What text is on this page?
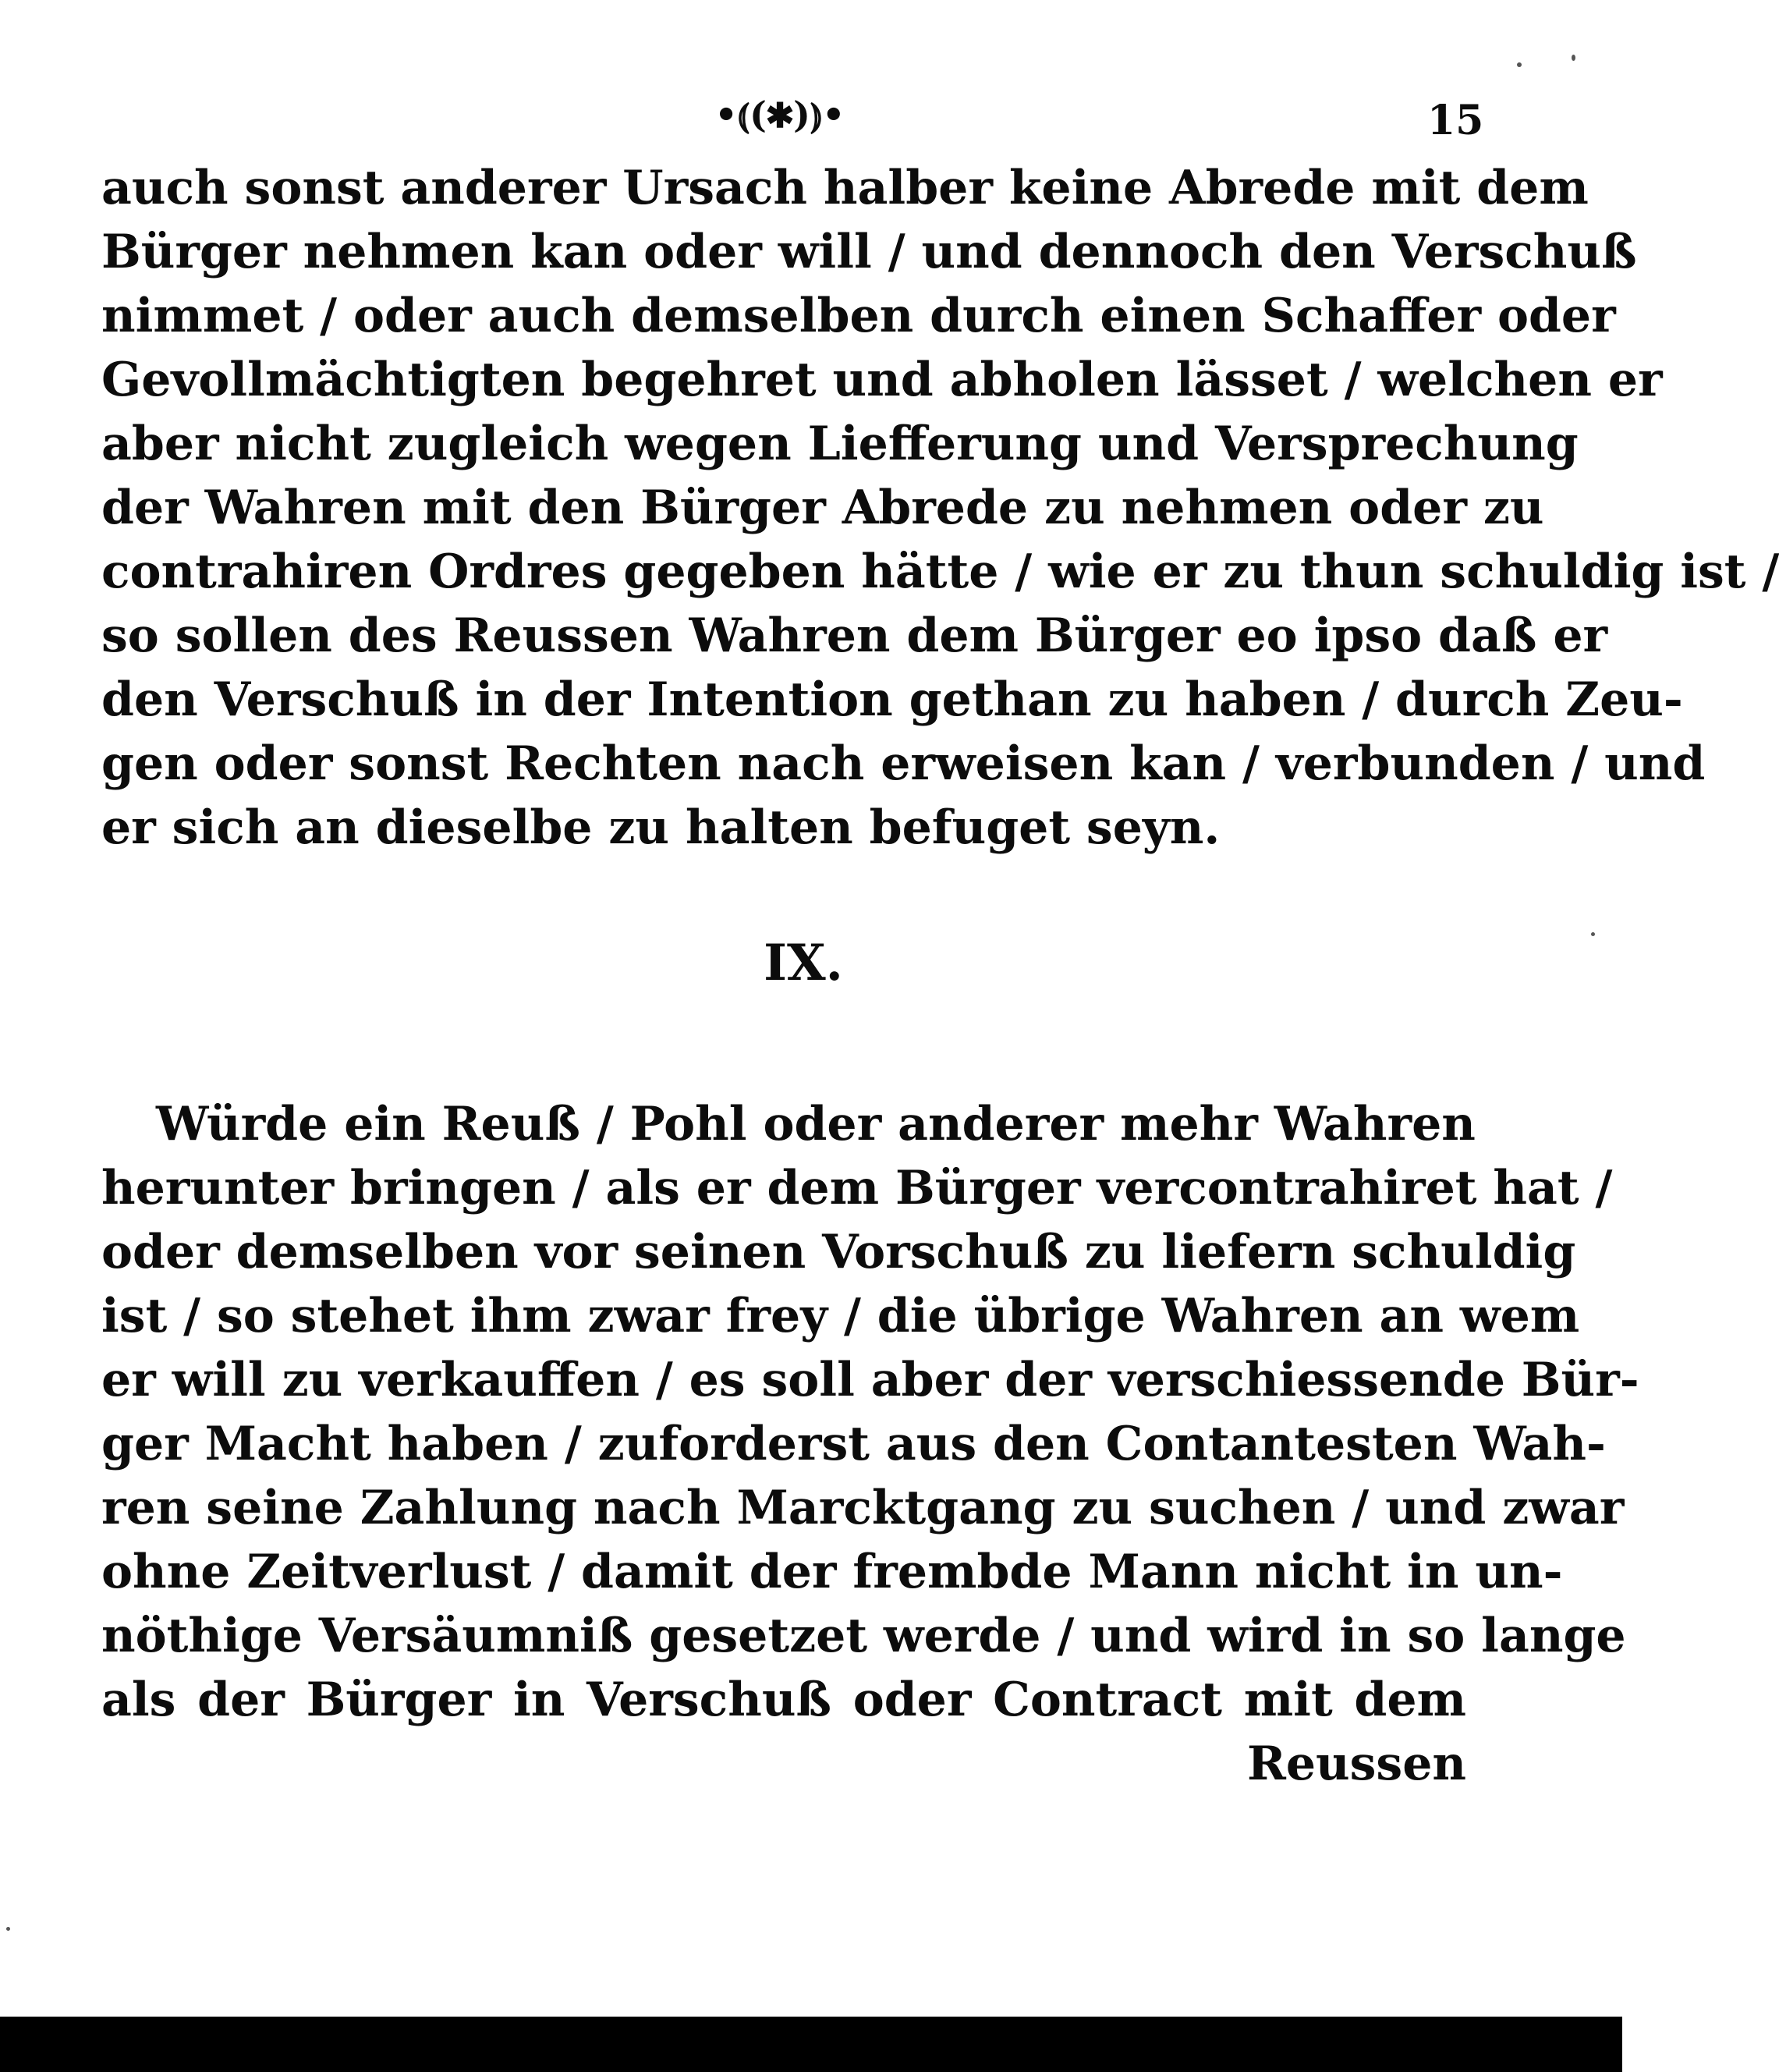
•⦅(✱)⦆•	15
auch sonst anderer Ursach halber keine Abrede mit dem
Bürger nehmen kan oder will / und dennoch den Verschuß
nimmet / oder auch demselben durch einen Schaffer oder
Gevollmächtigten begehret und abholen lässet / welchen er
aber nicht zugleich wegen Liefferung und Versprechung
der Wahren mit den Bürger Abrede zu nehmen oder zu
contrahiren Ordres gegeben hätte / wie er zu thun schuldig ist /
so sollen des Reussen Wahren dem Bürger eo ipso daß er
den Verschuß in der Intention gethan zu haben / durch Zeu-
gen oder sonst Rechten nach erweisen kan / verbunden / und
er sich an dieselbe zu halten befuget seyn.
IX.
Würde ein Reuß / Pohl oder anderer mehr Wahren
herunter bringen / als er dem Bürger vercontrahiret hat /
oder demselben vor seinen Vorschuß zu liefern schuldig
ist / so stehet ihm zwar frey / die übrige Wahren an wem
er will zu verkauffen / es soll aber der verschiessende Bür-
ger Macht haben / zuforderst aus den Contantesten Wah-
ren seine Zahlung nach Marcktgang zu suchen / und zwar
ohne Zeitverlust / damit der frembde Mann nicht in un-
nöthige Versäumniß gesetzet werde / und wird in so lange
als der Bürger in Verschuß oder Contract mit dem
Reussen
